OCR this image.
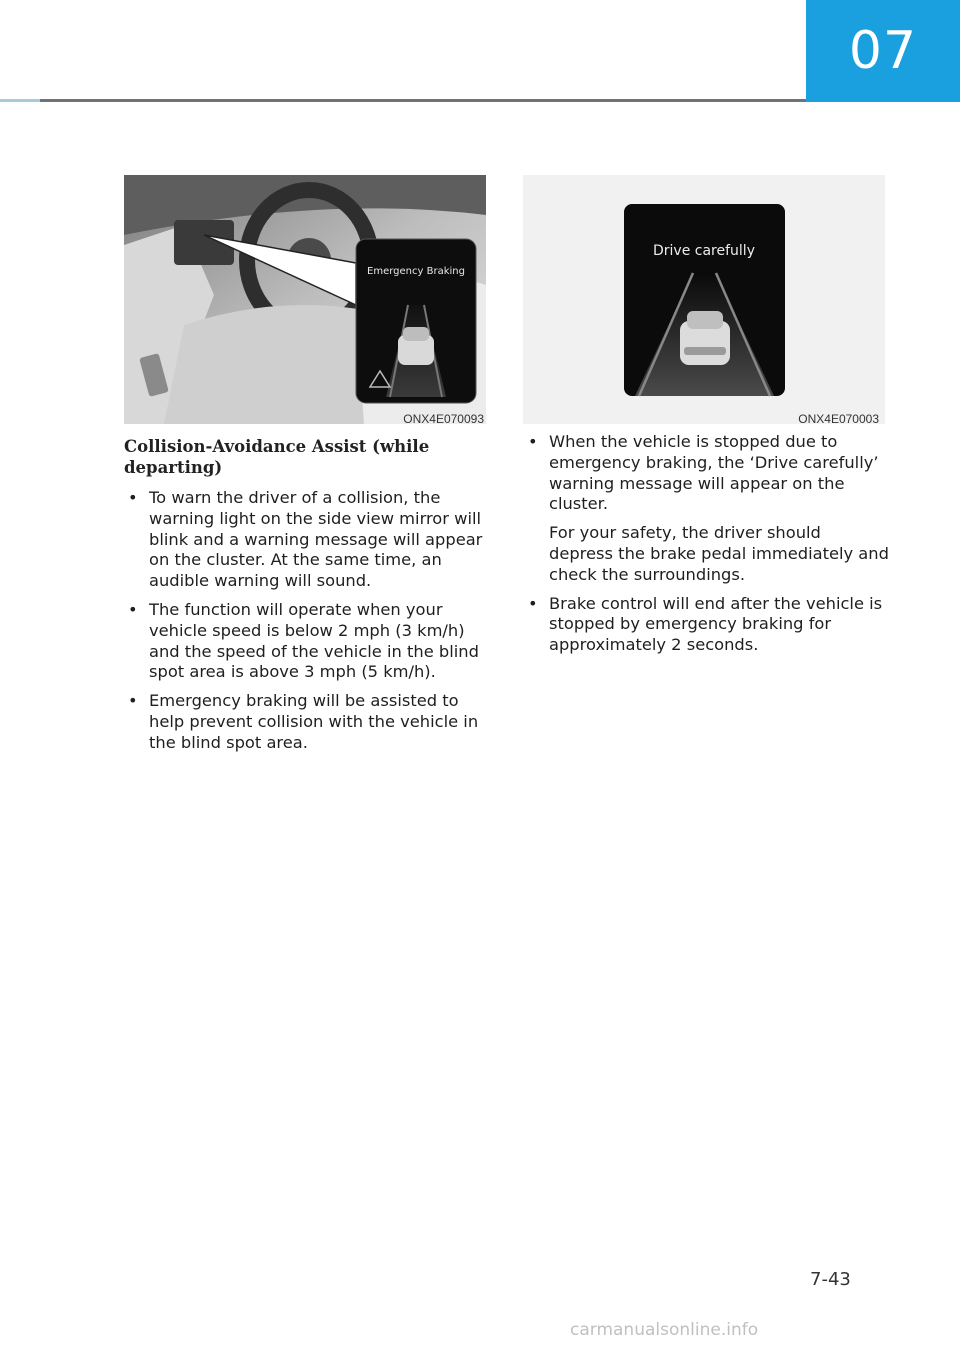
07
Emergency Braking
ONX4E070093
Drive carefully
ONX4E070003
Collision-Avoidance Assist (while departing)
• To warn the driver of a collision, the warning light on the side view mirror will blink and a warning message will appear on the cluster. At the same time, an audible warning will sound.
• The function will operate when your vehicle speed is below 2 mph (3 km/h) and the speed of the vehicle in the blind spot area is above 3 mph (5 km/h).
• Emergency braking will be assisted to help prevent collision with the vehicle in the blind spot area.
• When the vehicle is stopped due to emergency braking, the ‘Drive carefully’ warning message will appear on the cluster.

For your safety, the driver should depress the brake pedal immediately and check the surroundings.

• Brake control will end after the vehicle is stopped by emergency braking for approximately 2 seconds.

7-43
carmanualsonline.info
